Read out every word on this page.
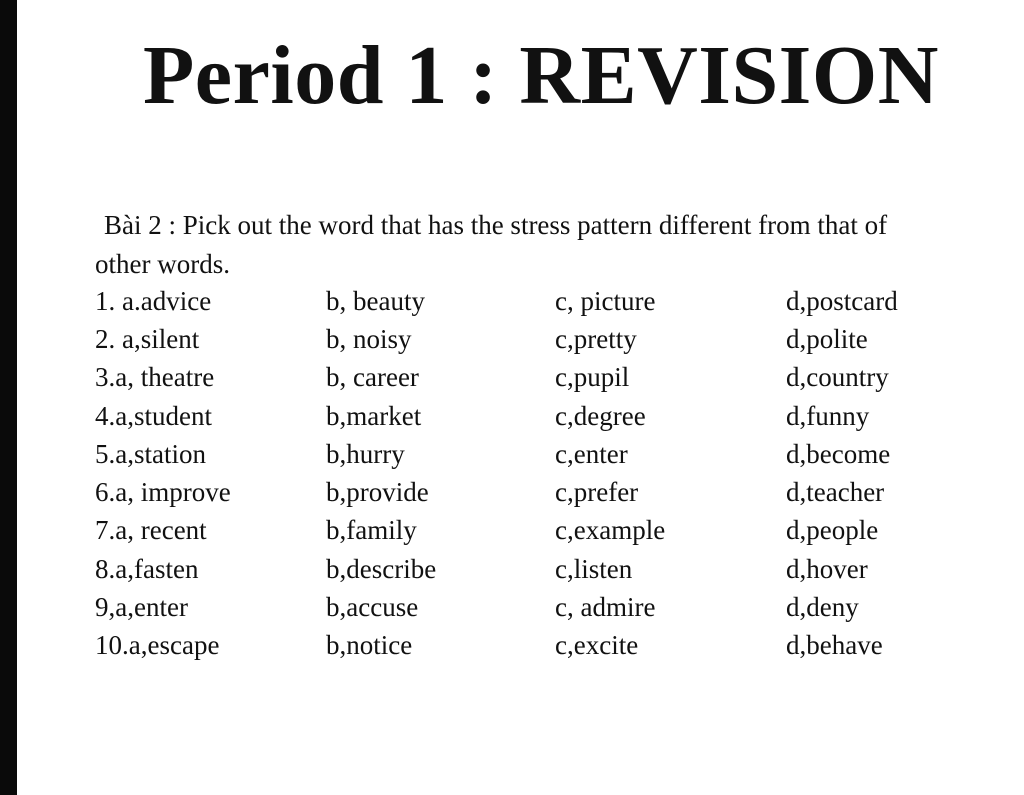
Period 1 : REVISION

Bài 2 : Pick out the word that has the stress pattern different from that of
other words.

1. a.advice	b, beauty	c, picture	d,postcard
2. a,silent	b, noisy	c,pretty	d,polite
3.a, theatre	b, career	c,pupil	d,country
4.a,student	b,market	c,degree	d,funny
5.a,station	b,hurry	c,enter	d,become
6.a, improve	b,provide	c,prefer	d,teacher
7.a, recent	b,family	c,example	d,people
8.a,fasten	b,describe	c,listen	d,hover
9,a,enter	b,accuse	c, admire	d,deny
10.a,escape	b,notice	c,excite	d,behave
